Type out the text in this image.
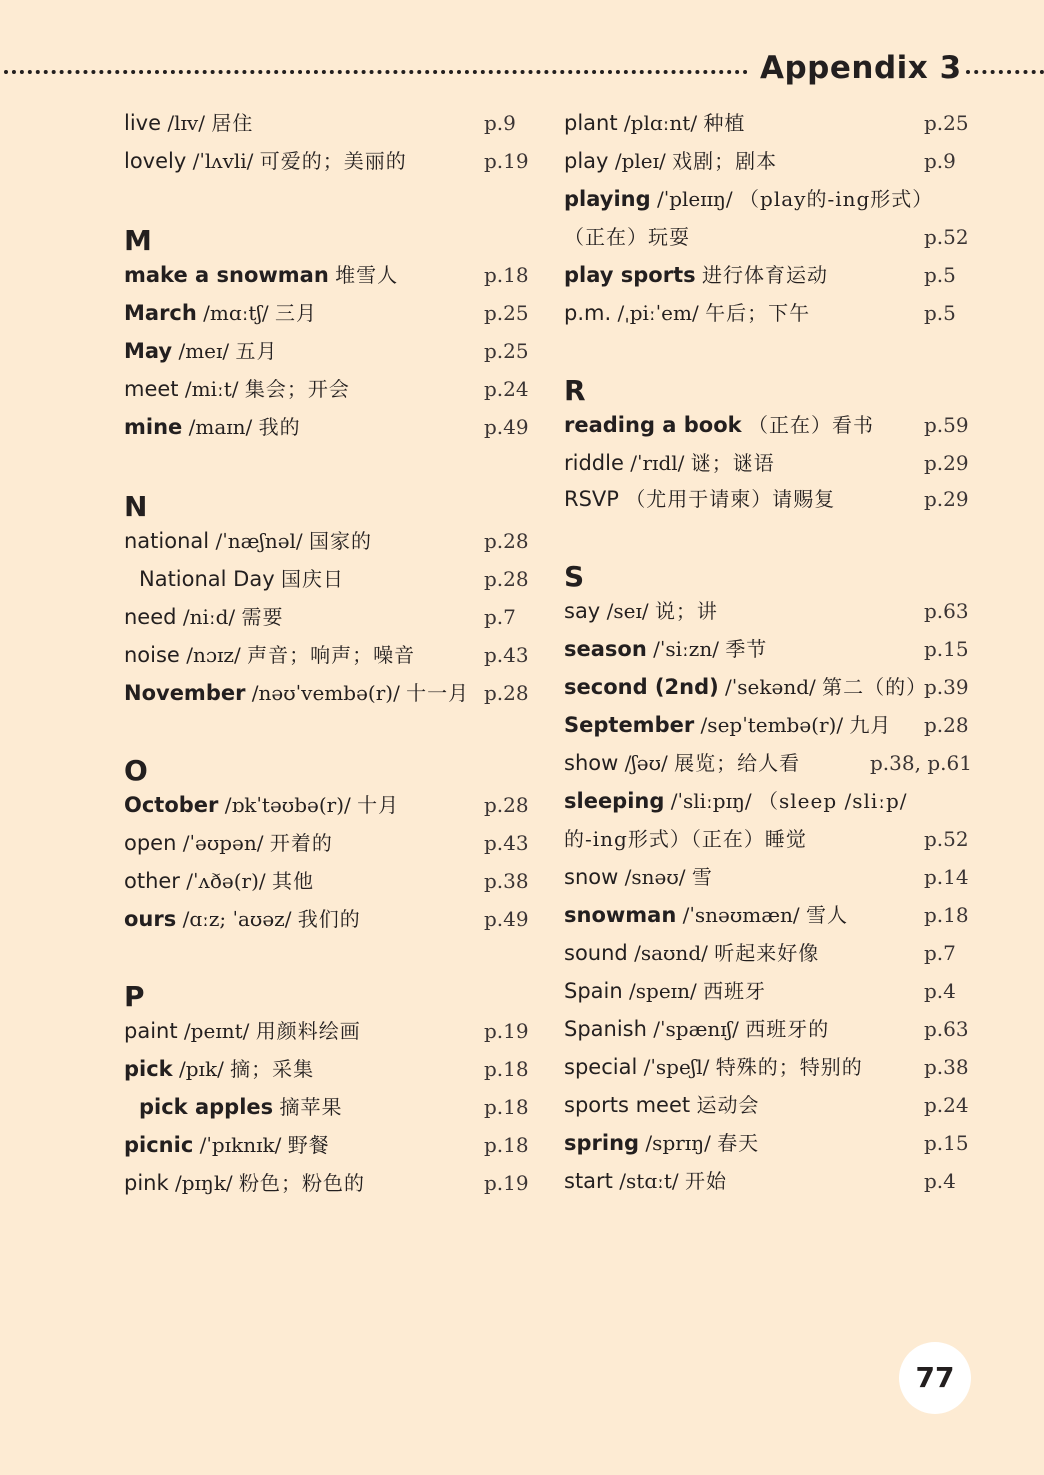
Appendix 3
live /lɪv/ 居住	p.9
lovely /ˈlʌvli/ 可爱的；美丽的	p.19
M
make a snowman 堆雪人	p.18
March /mɑːtʃ/ 三月	p.25
May /meɪ/ 五月	p.25
meet /miːt/ 集会；开会	p.24
mine /maɪn/ 我的	p.49
N
national /ˈnæʃnəl/ 国家的	p.28
National Day 国庆日	p.28
need /niːd/ 需要	p.7
noise /nɔɪz/ 声音；响声；噪音	p.43
November /nəʊˈvembə(r)/ 十一月 p.28
O
October /ɒkˈtəʊbə(r)/ 十月	p.28
open /ˈəʊpən/ 开着的	p.43
other /ˈʌðə(r)/ 其他	p.38
ours /ɑːz; ˈaʊəz/ 我们的	p.49
P
paint /peɪnt/ 用颜料绘画	p.19
pick /pɪk/ 摘；采集	p.18
pick apples 摘苹果	p.18
picnic /ˈpɪknɪk/ 野餐	p.18
pink /pɪŋk/ 粉色；粉色的	p.19
plant /plɑːnt/ 种植	p.25
play /pleɪ/ 戏剧；剧本	p.9
playing /ˈpleɪɪŋ/ （play的-ing形式）
（正在）玩耍	p.52
play sports 进行体育运动	p.5
p.m. /ˌpiːˈem/ 午后；下午	p.5
R
reading a book （正在）看书	p.59
riddle /ˈrɪdl/ 谜；谜语	p.29
RSVP （尤用于请柬）请赐复	p.29
S
say /seɪ/ 说；讲	p.63
season /ˈsiːzn/ 季节	p.15
second (2nd) /ˈsekənd/ 第二（的）
p.39
September /sepˈtembə(r)/ 九月 p.28
show /ʃəʊ/ 展览；给人看	p.38, p.61
sleeping /ˈsliːpɪŋ/ （sleep /sliːp/
的-ing形式）（正在）睡觉	p.52
snow /snəʊ/ 雪	p.14
snowman /ˈsnəʊmæn/ 雪人	p.18
sound /saʊnd/ 听起来好像	p.7
Spain /speɪn/ 西班牙	p.4
Spanish /ˈspænɪʃ/ 西班牙的	p.63
special /ˈspeʃl/ 特殊的；特别的	p.38
sports meet 运动会	p.24
spring /sprɪŋ/ 春天	p.15
start /stɑːt/ 开始	p.4
77
